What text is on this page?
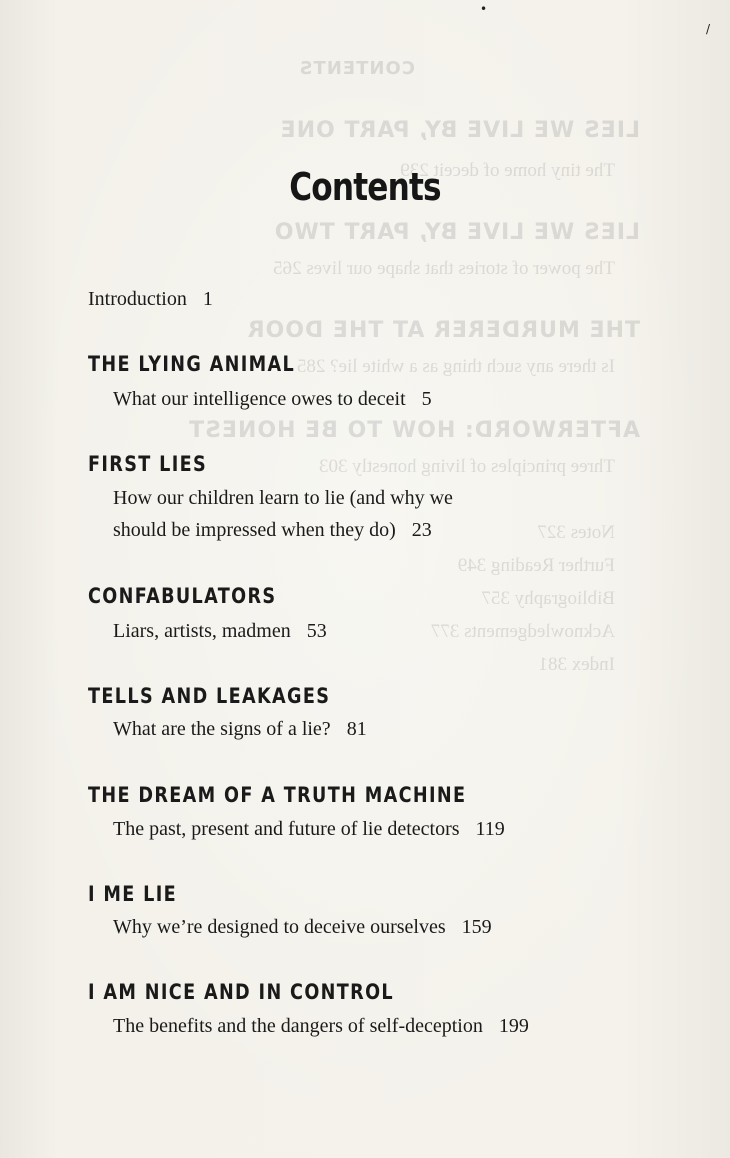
CONTENTS
LIES WE LIVE BY, PART ONE
The tiny home of deceit 239
LIES WE LIVE BY, PART TWO
The power of stories that shape our lives 265
THE MURDERER AT THE DOOR
Is there any such thing as a white lie? 285
AFTERWORD: HOW TO BE HONEST
Three principles of living honestly 303
Notes 327
Further Reading 349
Bibliography 357
Acknowledgements 377
Index 381
•
/
Contents
Introduction 1
THE LYING ANIMAL
What our intelligence owes to deceit 5
FIRST LIES
How our children learn to lie (and why we
should be impressed when they do) 23
CONFABULATORS
Liars, artists, madmen 53
TELLS AND LEAKAGES
What are the signs of a lie? 81
THE DREAM OF A TRUTH MACHINE
The past, present and future of lie detectors 119
I ME LIE
Why we’re designed to deceive ourselves 159
I AM NICE AND IN CONTROL
The benefits and the dangers of self-deception 199
